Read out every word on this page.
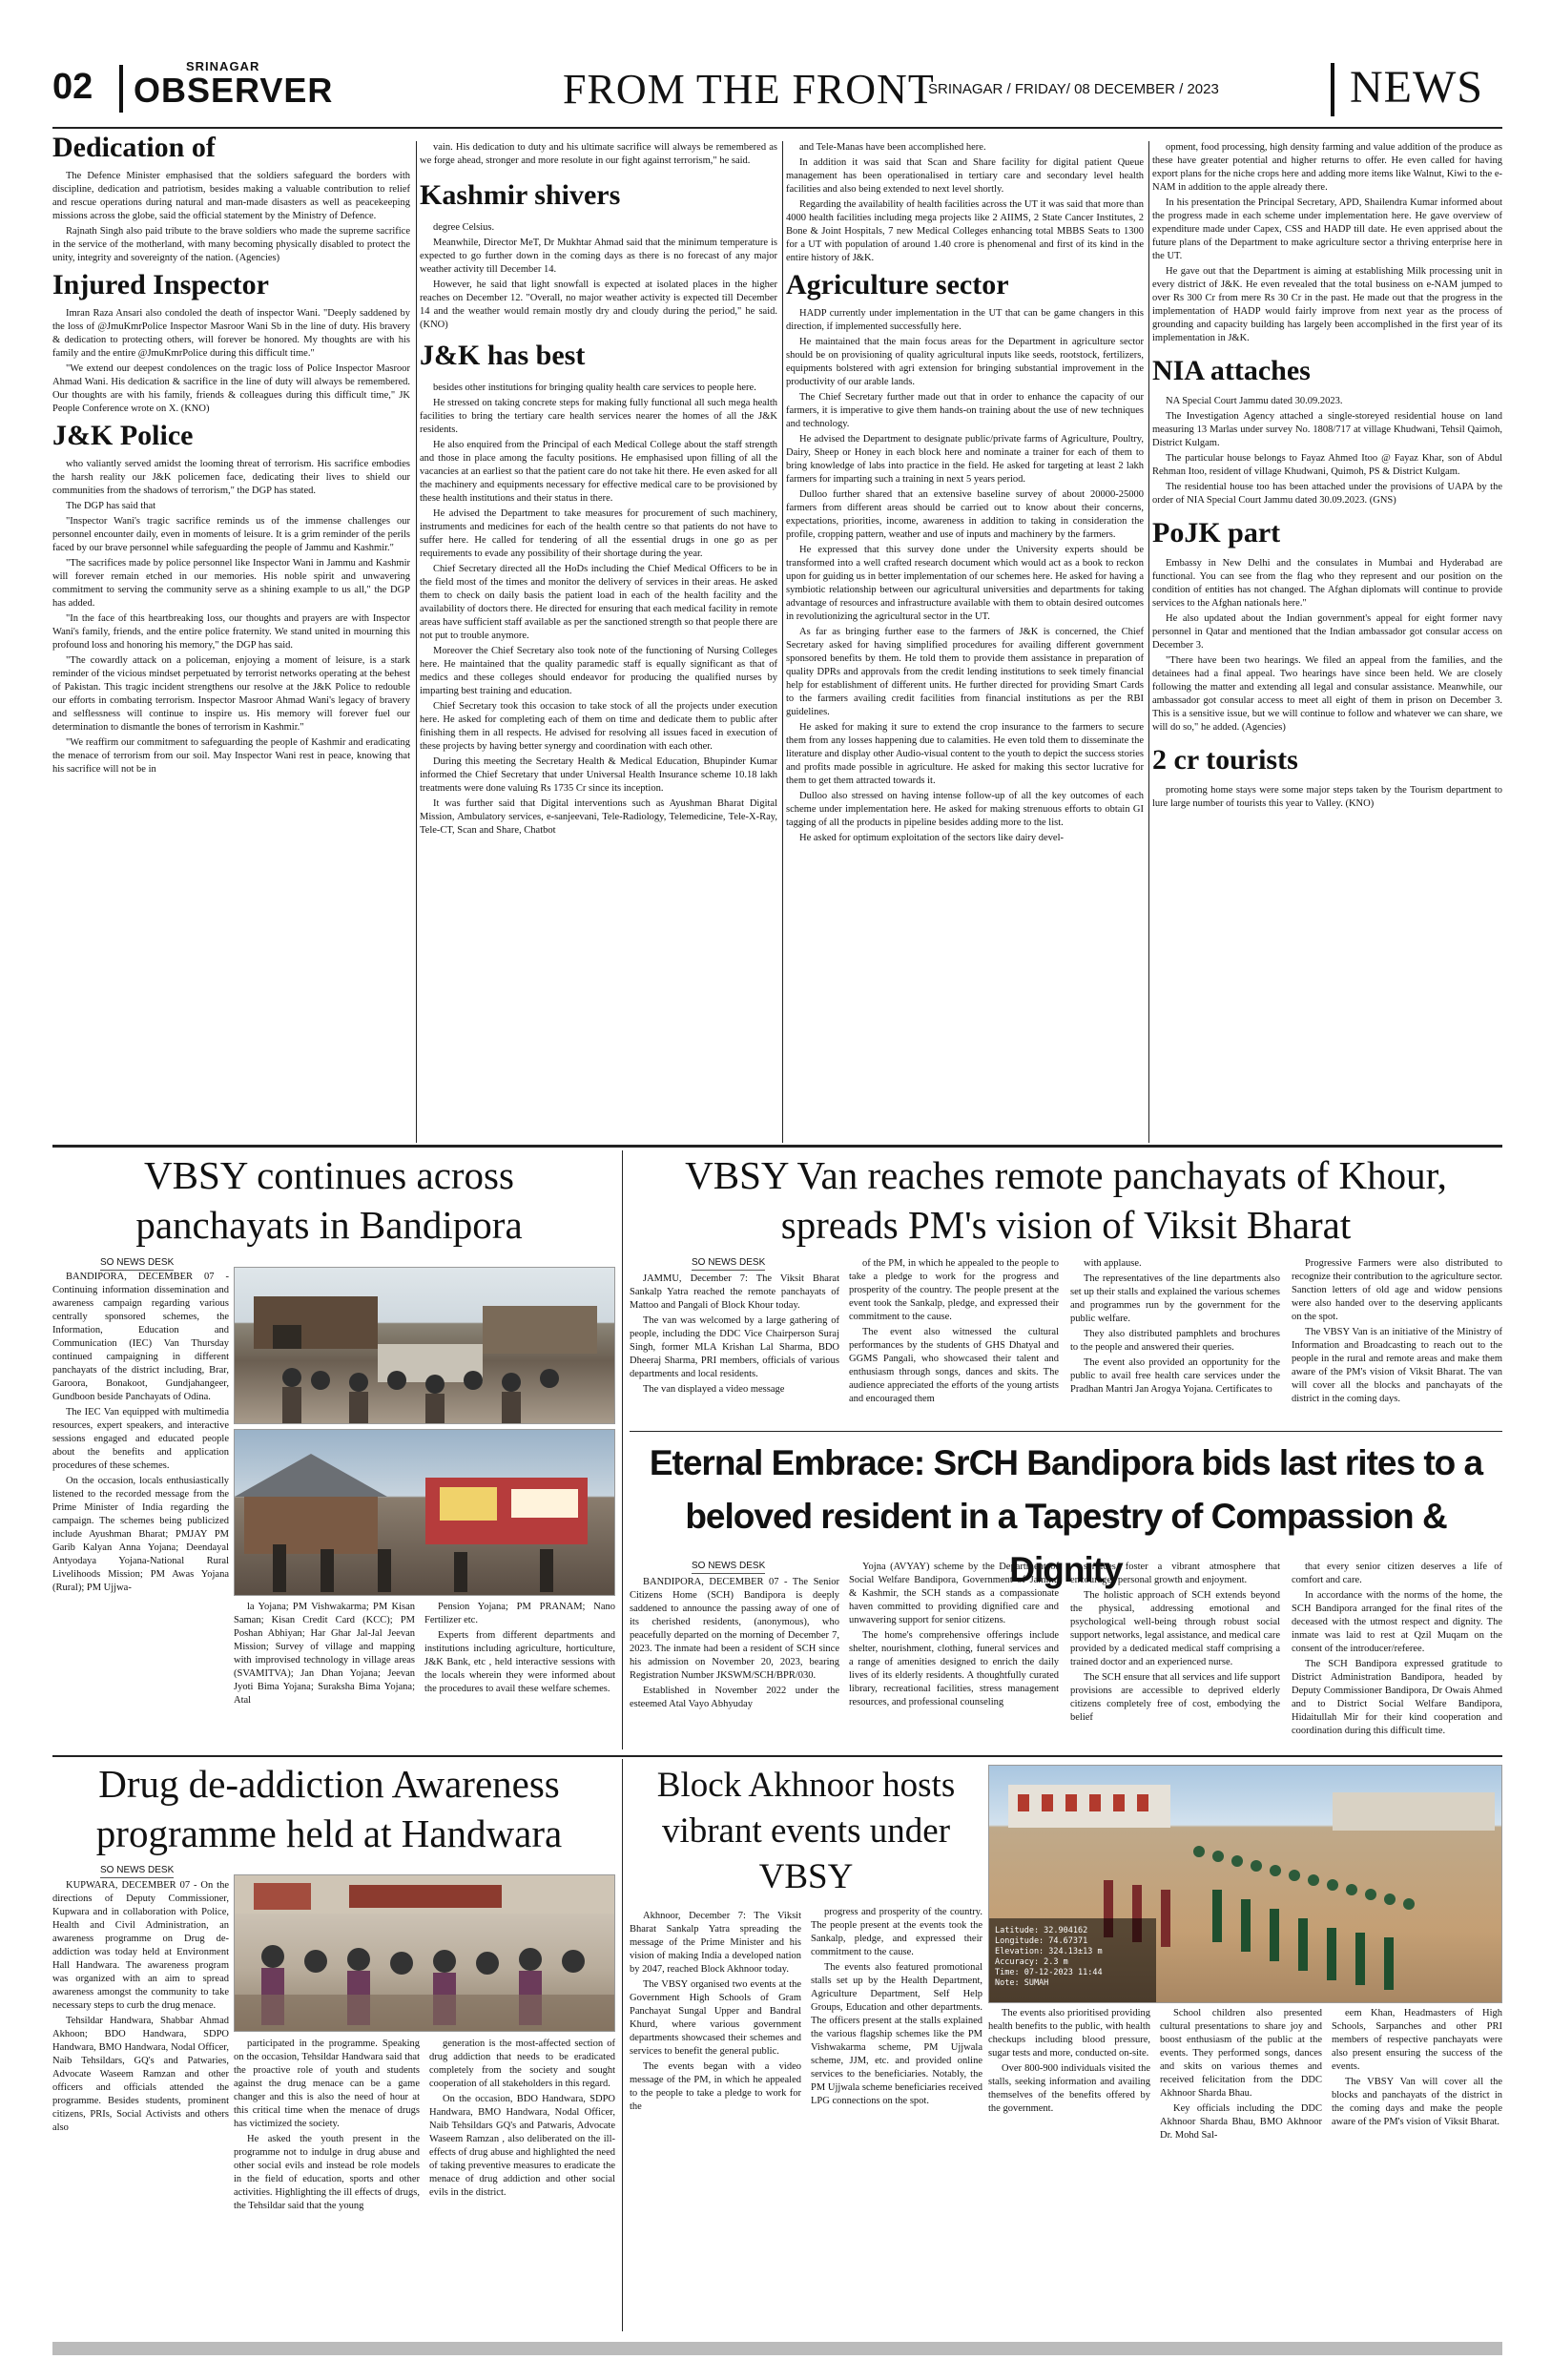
02
SRINAGAR
OBSERVER	FROM THE FRONT
SRINAGAR / FRIDAY/ 08 DECEMBER / 2023	NEWS
Dedication of

The Defence Minister emphasised that the soldiers safeguard the borders with discipline, dedication and patriotism, besides making a valuable contribution to relief and rescue operations during natural and man-made disasters as well as peacekeeping missions across the globe, said the official statement by the Ministry of Defence.

Rajnath Singh also paid tribute to the brave soldiers who made the supreme sacrifice in the service of the motherland, with many becoming physically disabled to protect the unity, integrity and sovereignty of the nation. (Agencies)

Injured Inspector

Imran Raza Ansari also condoled the death of inspector Wani. "Deeply saddened by the loss of @JmuKmrPolice Inspector Masroor Wani Sb in the line of duty. His bravery & dedication to protecting others, will forever be honored. My thoughts are with his family and the entire @JmuKmrPolice during this difficult time."

"We extend our deepest condolences on the tragic loss of Police Inspector Masroor Ahmad Wani. His dedication & sacrifice in the line of duty will always be remembered. Our thoughts are with his family, friends & colleagues during this difficult time," JK People Conference wrote on X. (KNO)

J&K Police

who valiantly served amidst the looming threat of terrorism. His sacrifice embodies the harsh reality our J&K policemen face, dedicating their lives to shield our communities from the shadows of terrorism," the DGP has stated.

The DGP has said that

"Inspector Wani's tragic sacrifice reminds us of the immense challenges our personnel encounter daily, even in moments of leisure. It is a grim reminder of the perils faced by our brave personnel while safeguarding the people of Jammu and Kashmir."

"The sacrifices made by police personnel like Inspector Wani in Jammu and Kashmir will forever remain etched in our memories. His noble spirit and unwavering commitment to serving the community serve as a shining example to us all," the DGP has added.

"In the face of this heartbreaking loss, our thoughts and prayers are with Inspector Wani's family, friends, and the entire police fraternity. We stand united in mourning this profound loss and honoring his memory," the DGP has said.

"The cowardly attack on a policeman, enjoying a moment of leisure, is a stark reminder of the vicious mindset perpetuated by terrorist networks operating at the behest of Pakistan. This tragic incident strengthens our resolve at the J&K Police to redouble our efforts in combating terrorism. Inspector Masroor Ahmad Wani's legacy of bravery and selflessness will continue to inspire us. His memory will forever fuel our determination to dismantle the bones of terrorism in Kashmir."

"We reaffirm our commitment to safeguarding the people of Kashmir and eradicating the menace of terrorism from our soil. May Inspector Wani rest in peace, knowing that his sacrifice will not be in

vain. His dedication to duty and his ultimate sacrifice will always be remembered as we forge ahead, stronger and more resolute in our fight against terrorism," he said.

Kashmir shivers

degree Celsius.

Meanwhile, Director MeT, Dr Mukhtar Ahmad said that the minimum temperature is expected to go further down in the coming days as there is no forecast of any major weather activity till December 14.

However, he said that light snowfall is expected at isolated places in the higher reaches on December 12. "Overall, no major weather activity is expected till December 14 and the weather would remain mostly dry and cloudy during the period," he said. (KNO)

J&K has best

besides other institutions for bringing quality health care services to people here.

He stressed on taking concrete steps for making fully functional all such mega health facilities to bring the tertiary care health services nearer the homes of all the J&K residents.

He also enquired from the Principal of each Medical College about the staff strength and those in place among the faculty positions. He emphasised upon filling of all the vacancies at an earliest so that the patient care do not take hit there. He even asked for all the machinery and equipments necessary for effective medical care to be provisioned by these health institutions and their status in there.

He advised the Department to take measures for procurement of such machinery, instruments and medicines for each of the health centre so that patients do not have to suffer here. He called for tendering of all the essential drugs in one go as per requirements to evade any possibility of their shortage during the year.

Chief Secretary directed all the HoDs including the Chief Medical Officers to be in the field most of the times and monitor the delivery of services in their areas. He asked them to check on daily basis the patient load in each of the health facility and the availability of doctors there. He directed for ensuring that each medical facility in remote areas have sufficient staff available as per the sanctioned strength so that people there are not put to trouble anymore.

Moreover the Chief Secretary also took note of the functioning of Nursing Colleges here. He maintained that the quality paramedic staff is equally significant as that of medics and these colleges should endeavor for producing the qualified nurses by imparting best training and education.

Chief Secretary took this occasion to take stock of all the projects under execution here. He asked for completing each of them on time and dedicate them to public after finishing them in all respects. He advised for resolving all issues faced in execution of these projects by having better synergy and coordination with each other.

During this meeting the Secretary Health & Medical Education, Bhupinder Kumar informed the Chief Secretary that under Universal Health Insurance scheme 10.18 lakh treatments were done valuing Rs 1735 Cr since its inception.

It was further said that Digital interventions such as Ayushman Bharat Digital Mission, Ambulatory services, e-sanjeevani, Tele-Radiology, Telemedicine, Tele-X-Ray, Tele-CT, Scan and Share, Chatbot

and Tele-Manas have been accomplished here.

In addition it was said that Scan and Share facility for digital patient Queue management has been operationalised in tertiary care and secondary level health facilities and also being extended to next level shortly.

Regarding the availability of health facilities across the UT it was said that more than 4000 health facilities including mega projects like 2 AIIMS, 2 State Cancer Institutes, 2 Bone & Joint Hospitals, 7 new Medical Colleges enhancing total MBBS Seats to 1300 for a UT with population of around 1.40 crore is phenomenal and first of its kind in the entire history of J&K.

Agriculture sector

HADP currently under implementation in the UT that can be game changers in this direction, if implemented successfully here.

He maintained that the main focus areas for the Department in agriculture sector should be on provisioning of quality agricultural inputs like seeds, rootstock, fertilizers, equipments bolstered with agri extension for bringing substantial improvement in the productivity of our arable lands.

The Chief Secretary further made out that in order to enhance the capacity of our farmers, it is imperative to give them hands-on training about the use of new techniques and technology.

He advised the Department to designate public/private farms of Agriculture, Poultry, Dairy, Sheep or Honey in each block here and nominate a trainer for each of them to bring knowledge of labs into practice in the field. He asked for targeting at least 2 lakh farmers for imparting such a training in next 5 years period.

Dulloo further shared that an extensive baseline survey of about 20000-25000 farmers from different areas should be carried out to know about their concerns, expectations, priorities, income, awareness in addition to taking in consideration the profile, cropping pattern, weather and use of inputs and machinery by the farmers.

He expressed that this survey done under the University experts should be transformed into a well crafted research document which would act as a book to reckon upon for guiding us in better implementation of our schemes here. He asked for having a symbiotic relationship between our agricultural universities and departments for taking advantage of resources and infrastructure available with them to obtain desired outcomes in revolutionizing the agricultural sector in the UT.

As far as bringing further ease to the farmers of J&K is concerned, the Chief Secretary asked for having simplified procedures for availing different government sponsored benefits by them. He told them to provide them assistance in preparation of quality DPRs and approvals from the credit lending institutions to seek timely financial help for establishment of different units. He further directed for providing Smart Cards to the farmers availing credit facilities from financial institutions as per the RBI guidelines.

He asked for making it sure to extend the crop insurance to the farmers to secure them from any losses happening due to calamities. He even told them to disseminate the literature and display other Audio-visual content to the youth to depict the success stories and profits made possible in agriculture. He asked for making this sector lucrative for them to get them attracted towards it.

Dulloo also stressed on having intense follow-up of all the key outcomes of each scheme under implementation here. He asked for making strenuous efforts to obtain GI tagging of all the products in pipeline besides adding more to the list.

He asked for optimum exploitation of the sectors like dairy devel-

opment, food processing, high density farming and value addition of the produce as these have greater potential and higher returns to offer. He even called for having export plans for the niche crops here and adding more items like Walnut, Kiwi to the e-NAM in addition to the apple already there.

In his presentation the Principal Secretary, APD, Shailendra Kumar informed about the progress made in each scheme under implementation here. He gave overview of expenditure made under Capex, CSS and HADP till date. He even apprised about the future plans of the Department to make agriculture sector a thriving enterprise here in the UT.

He gave out that the Department is aiming at establishing Milk processing unit in every district of J&K. He even revealed that the total business on e-NAM jumped to over Rs 300 Cr from mere Rs 30 Cr in the past. He made out that the progress in the implementation of HADP would fairly improve from next year as the process of grounding and capacity building has largely been accomplished in the first year of its implementation in J&K.

NIA attaches

NA Special Court Jammu dated 30.09.2023.

The Investigation Agency attached a single-storeyed residential house on land measuring 13 Marlas under survey No. 1808/717 at village Khudwani, Tehsil Qaimoh, District Kulgam.

The particular house belongs to Fayaz Ahmed Itoo @ Fayaz Khar, son of Abdul Rehman Itoo, resident of village Khudwani, Quimoh, PS & District Kulgam.

The residential house too has been attached under the provisions of UAPA by the order of NIA Special Court Jammu dated 30.09.2023. (GNS)

PoJK part

Embassy in New Delhi and the consulates in Mumbai and Hyderabad are functional. You can see from the flag who they represent and our position on the condition of entities has not changed. The Afghan diplomats will continue to provide services to the Afghan nationals here."

He also updated about the Indian government's appeal for eight former navy personnel in Qatar and mentioned that the Indian ambassador got consular access on December 3.

"There have been two hearings. We filed an appeal from the families, and the detainees had a final appeal. Two hearings have since been held. We are closely following the matter and extending all legal and consular assistance. Meanwhile, our ambassador got consular access to meet all eight of them in prison on December 3. This is a sensitive issue, but we will continue to follow and whatever we can share, we will do so," he added. (Agencies)

2 cr tourists

promoting home stays were some major steps taken by the Tourism department to lure large number of tourists this year to Valley. (KNO)

VBSY continues across panchayats in Bandipora
SO NEWS DESK

BANDIPORA, DECEMBER 07 - Continuing information dissemination and awareness campaign regarding various centrally sponsored schemes, the Information, Education and Communication (IEC) Van Thursday continued campaigning in different panchayats of the district including, Brar, Garoora, Bonakoot, Gundjahangeer, Gundboon beside Panchayats of Odina.

The IEC Van equipped with multimedia resources, expert speakers, and interactive sessions engaged and educated people about the benefits and application procedures of these schemes.

On the occasion, locals enthusiastically listened to the recorded message from the Prime Minister of India regarding the campaign. The schemes being publicized include Ayushman Bharat; PMJAY PM Garib Kalyan Anna Yojana; Deendayal Antyodaya Yojana-National Rural Livelihoods Mission; PM Awas Yojana (Rural); PM Ujjwa-

la Yojana; PM Vishwakarma; PM Kisan Saman; Kisan Credit Card (KCC); PM Poshan Abhiyan; Har Ghar Jal-Jal Jeevan Mission; Survey of village and mapping with improvised technology in village areas (SVAMITVA); Jan Dhan Yojana; Jeevan Jyoti Bima Yojana; Suraksha Bima Yojana; Atal

Pension Yojana; PM PRANAM; Nano Fertilizer etc.

Experts from different departments and institutions including agriculture, horticulture, J&K Bank, etc , held interactive sessions with the locals wherein they were informed about the procedures to avail these welfare schemes.

VBSY Van reaches remote panchayats of Khour, spreads PM's vision of Viksit Bharat
SO NEWS DESK

JAMMU, December 7: The Viksit Bharat Sankalp Yatra reached the remote panchayats of Mattoo and Pangali of Block Khour today.

The van was welcomed by a large gathering of people, including the DDC Vice Chairperson Suraj Singh, former MLA Krishan Lal Sharma, BDO Dheeraj Sharma, PRI members, officials of various departments and local residents.

The van displayed a video message

of the PM, in which he appealed to the people to take a pledge to work for the progress and prosperity of the country. The people present at the event took the Sankalp, pledge, and expressed their commitment to the cause.

The event also witnessed the cultural performances by the students of GHS Dhatyal and GGMS Pangali, who showcased their talent and enthusiasm through songs, dances and skits. The audience appreciated the efforts of the young artists and encouraged them

with applause.

The representatives of the line departments also set up their stalls and explained the various schemes and programmes run by the government for the public welfare.

They also distributed pamphlets and brochures to the people and answered their queries.

The event also provided an opportunity for the public to avail free health care services under the Pradhan Mantri Jan Arogya Yojana. Certificates to

Progressive Farmers were also distributed to recognize their contribution to the agriculture sector. Sanction letters of old age and widow pensions were also handed over to the deserving applicants on the spot.

The VBSY Van is an initiative of the Ministry of Information and Broadcasting to reach out to the people in the rural and remote areas and make them aware of the PM's vision of Viksit Bharat. The van will cover all the blocks and panchayats of the district in the coming days.

Eternal Embrace: SrCH Bandipora bids last rites to a beloved resident in a Tapestry of Compassion & Dignity
SO NEWS DESK

BANDIPORA, DECEMBER 07 - The Senior Citizens Home (SCH) Bandipora is deeply saddened to announce the passing away of one of its cherished residents, (anonymous), who peacefully departed on the morning of December 7, 2023. The inmate had been a resident of SCH since his admission on November 20, 2023, bearing Registration Number JKSWM/SCH/BPR/030.

Established in November 2022 under the esteemed Atal Vayo Abhyuday

Yojna (AVYAY) scheme by the Department of Social Welfare Bandipora, Government of Jammu & Kashmir, the SCH stands as a compassionate haven committed to providing dignified care and unwavering support for senior citizens.

The home's comprehensive offerings include shelter, nourishment, clothing, funeral services and a range of amenities designed to enrich the daily lives of its elderly residents. A thoughtfully curated library, recreational facilities, stress management resources, and professional counseling

services foster a vibrant atmosphere that encourages personal growth and enjoyment.

The holistic approach of SCH extends beyond the physical, addressing emotional and psychological well-being through robust social support networks, legal assistance, and medical care provided by a dedicated medical staff comprising a trained doctor and an experienced nurse.

The SCH ensure that all services and life support provisions are accessible to deprived elderly citizens completely free of cost, embodying the belief

that every senior citizen deserves a life of comfort and care.

In accordance with the norms of the home, the SCH Bandipora arranged for the final rites of the deceased with the utmost respect and dignity. The inmate was laid to rest at Qzil Muqam on the consent of the introducer/referee.

The SCH Bandipora expressed gratitude to District Administration Bandipora, headed by Deputy Commissioner Bandipora, Dr Owais Ahmed and to District Social Welfare Bandipora, Hidaitullah Mir for their kind cooperation and coordination during this difficult time.

Drug de-addiction Awareness programme held at Handwara
SO NEWS DESK

KUPWARA, DECEMBER 07 - On the directions of Deputy Commissioner, Kupwara and in collaboration with Police, Health and Civil Administration, an awareness programme on Drug de-addiction was today held at Environment Hall Handwara. The awareness program was organized with an aim to spread awareness amongst the community to take necessary steps to curb the drug menace.

Tehsildar Handwara, Shabbar Ahmad Akhoon; BDO Handwara, SDPO Handwara, BMO Handwara, Nodal Officer, Naib Tehsildars, GQ's and Patwaries, Advocate Waseem Ramzan and other officers and officials attended the programme. Besides students, prominent citizens, PRIs, Social Activists and others also

participated in the programme. Speaking on the occasion, Tehsildar Handwara said that the proactive role of youth and students against the drug menace can be a game changer and this is also the need of hour at this critical time when the menace of drugs has victimized the society.

He asked the youth present in the programme not to indulge in drug abuse and other social evils and instead be role models in the field of education, sports and other activities. Highlighting the ill effects of drugs, the Tehsildar said that the young

generation is the most-affected section of drug addiction that needs to be eradicated completely from the society and sought cooperation of all stakeholders in this regard.

On the occasion, BDO Handwara, SDPO Handwara, BMO Handwara, Nodal Officer, Naib Tehsildars GQ's and Patwaris, Advocate Waseem Ramzan , also deliberated on the ill-effects of drug abuse and highlighted the need of taking preventive measures to eradicate the menace of drug addiction and other social evils in the district.

Block Akhnoor hosts vibrant events under VBSY
Latitude: 32.904162
Longitude: 74.67371
Elevation: 324.13±13 m
Accuracy: 2.3 m
Time: 07-12-2023 11:44
Note: SUMAH

Akhnoor, December 7: The Viksit Bharat Sankalp Yatra spreading the message of the Prime Minister and his vision of making India a developed nation by 2047, reached Block Akhnoor today.

The VBSY organised two events at the Government High Schools of Gram Panchayat Sungal Upper and Bandral Khurd, where various government departments showcased their schemes and services to benefit the general public.

The events began with a video message of the PM, in which he appealed to the people to take a pledge to work for the

progress and prosperity of the country. The people present at the events took the Sankalp, pledge, and expressed their commitment to the cause.

The events also featured promotional stalls set up by the Health Department, Agriculture Department, Self Help Groups, Education and other departments. The officers present at the stalls explained the various flagship schemes like the PM Vishwakarma scheme, PM Ujjwala scheme, JJM, etc. and provided online services to the beneficiaries. Notably, the PM Ujjwala scheme beneficiaries received LPG connections on the spot.

The events also prioritised providing health benefits to the public, with health checkups including blood pressure, sugar tests and more, conducted on-site.

Over 800-900 individuals visited the stalls, seeking information and availing themselves of the benefits offered by the government.

School children also presented cultural presentations to share joy and boost enthusiasm of the public at the events. They performed songs, dances and skits on various themes and received felicitation from the DDC Akhnoor Sharda Bhau.

Key officials including the DDC Akhnoor Sharda Bhau, BMO Akhnoor Dr. Mohd Sal-

eem Khan, Headmasters of High Schools, Sarpanches and other PRI members of respective panchayats were also present ensuring the success of the events.

The VBSY Van will cover all the blocks and panchayats of the district in the coming days and make the people aware of the PM's vision of Viksit Bharat.
